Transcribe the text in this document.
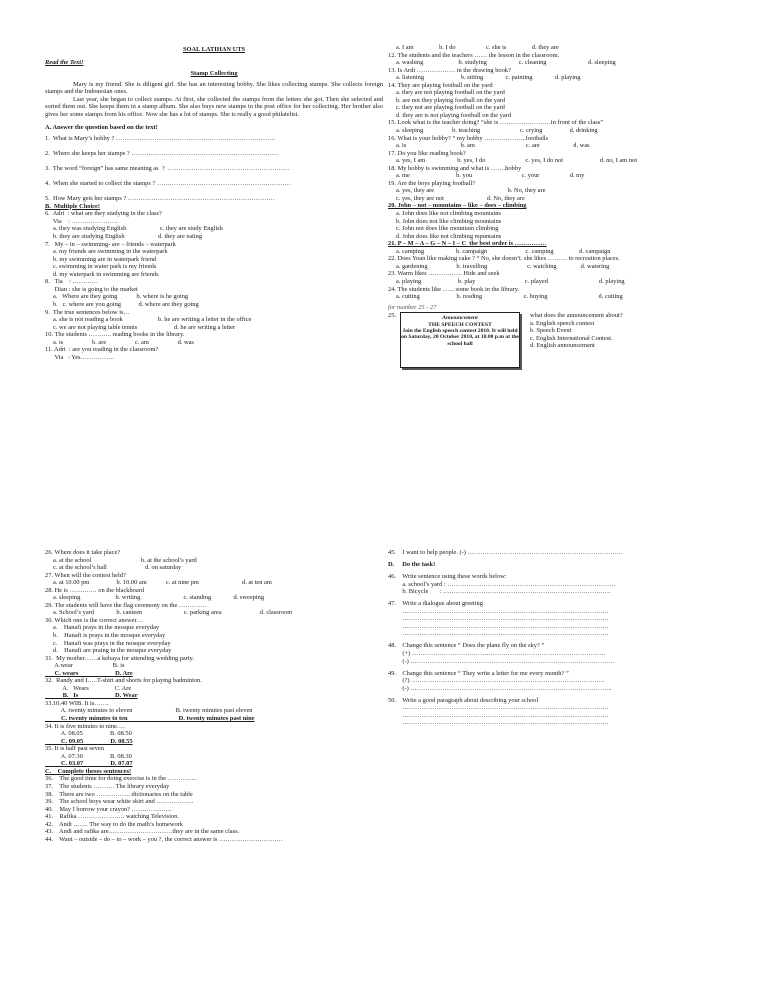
SOAL LATIHAN UTS
Read the Text!
Stamp Collecting

Mary is my friend. She is diligent girl. She has an interesting hobby. She likes collecting stamps. She collects foreign stamps and the Indonesian ones.

Last year, she began to collect stamps. At first, she collected the stamps from the letters she got. Then she selected and sorted them out. She keeps them in a stamp album. She also buys new stamps in the post office for her collecting. Her brother also gives her some stamps from his office. Now she has a lot of stamps. She is really a good philatelist.

A. Answer the question based on the text!
1.  What is Mary’s hobby ? …………………………………………………………………
2.  Where she keeps her stamps ? ……………………………………………………………
3.  The word “foreign” has same meaning as  ?  …………………………………………………
4.  When she started to collect the stamps ? ………………………………………………………
5.  How Mary gets her stamps ? ……………………………………………………………
B.  Multiple Choice!
6.  Adri  : what are they studying in the class?
Via    : ………………….
a. they was studying English                     c. they are study English
b. they are studying English                     d. they are eating
7.   My – in – swimming- are – friends – waterpark
a. my friends are swimming in the waterpark
b. my swimming are in waterpark friend
c. swimming in water park is my friends
d. my waterpark in swimming are friends
8.   Tia    : …………
Dian : she is going to the market
a.   Where are they going            b. where is he going
b.   c. where are you going           d. where are they going
9.  The true sentences below is…
a. she is not reading a book                      b. he are writing a letter in the office
c. we are not playing table tennis                       d. he are writing a letter
10. The students ……….. reading books in the library.
a. is                  b. are                  c. am                  d. was
11. Adri  : are you reading in the classroom?
Via   : Yes…………….
a. I am                b. I do                   c. she is                d. they are
12. The students and the teachers …… the lesson in the classroom.
a. washing                      b. studying                    c. cleaning                          d. sleeping
13. Is Ardi ……………… in the drawing book?
a. listening                       b. sitting              c. painting              d. playing
14. They are playing football on the yard
a. they are not playing football on the yard
b. are not they playing football on the yard
c. they not are playing football on the yard
d. they are is not playing football on the yard
15. Look what is the teacher doing? “she is ……………………in front of the class”
a. sleeping                  b. teaching                         c. crying                 d. drinking
16. What is your hobby? “ my hobby ………………..footballs
a. is                                  b. am                                c. are                     d. was
17. Do you like reading book?
a. yes, I am                    b. yes, I do                         c. yes, I do not                       d. no, I am not
18. My hobby is swimming and what is …….hobby
a. me                             b. you                               c. your                   d. my
19. Are the boys playing football?
a. yes, they are                                              b. No, they are
c. yes, they are not                           d. No, they are
20. John – not – mountains – like – does – climbing
a. John does like not climbing mountains
b. John does not like climbing mountains
c. John not does like mountain climbing
d. John does like not climbing mpuntains
21. P – M – A – G – N – I – C  the best order is ……………
a. camping                    b. campaign                        c. camping                d. campaign
22. Does Yoan like making cake ? “ No, she doesn’t. she likes ……… to recreation places.
a. gardening                  b. travelling                         c. watching               d. watering
23. Warm likes ……………. Hide and seek
a. playing                       b. play                               c. played                                d. playing
24. The students like …... some book in the library.
a. cutting                       b. reading                          c. buying                                d. cutting
for number 25 - 27
25.	Announcement
THE SPEECH CONTEST
Join the English speech contest 2010. It will held on Saturday, 20 October 2010, at 10.00 p.m at the school hall
what does the announcement about?
a. English speech contest
b. Speech Event
c. English International Contest.
d. English announcement
26. Where does it take place?
a. at the school                               b. at the school’s yard
c. at the school’s hall                        d. on saturday
27. When will the contest held?
a. at 10.00 pm                 b. 10.00 am            c. at nine pm                           d. at ten am
28. He is …………. on the blackboard
a. sleeping                      b. writing                           c. standing              d. sweeping
29. The students will have the flag ceremony on the ………….
a. School’s yard              b. canteen                          c. parking area                        d. classroom
30. Which one is the correct answer…
a.    Hanafi prays in the mosque everyday
b.    Hanafi is prays in the mosque everyday
c.    Hanafi was prays in the mosque everyday
d.    Hanafi are praing in the mosque everyday
31.  My mother……a kebaya for attending wedding party.
A.wear                         B. is
C. wears                       D. Are
32.  Randy and I…..T-shirt and shorts for playing badminton.
A.   Wears                C. Are
B.   Is                       D. Wear
33.10.40 WIB. It is…….
A. twenty minutes to eleven                           B. twenty minutes past eleven
C. twenty minutes to ten                                D. twenty minutes past nine
34. It is five minutes to nine….
A. 08.05                 B. 08.50
C. 09.05                 D. 08.55
35. It is half past seven
A. 07.30                 B. 08.30
C. 03.07                 D. 07.07
C.    Complete theses sentences!
36.    The good time for doing exercise is in the …………..
37.    The students ………. The library everyday
38.    There are two ……………. dictionaries on the table
39.    The school boys wear white skirt and ……………...
40.    May I borrow your crayon? ……………….
41.    Rafika …………………. watching Television.
42.    Andi ……. The way to do the math’s homework
43.    Andi and rafika are…………………………they are in the same class.
44.    Want – outside – do – to – work – you ?, the correct answer is …………………………
45.    I want to help people. (-) ……………………………………………………………….
D.     Do the task!
46.    Write sentence using these words below:
a. school’s yard : …………………………………………………………………….
b. Bicycle       : …………………………………………………………………….
47.    Write a dialogue about greeting
…………………………………………………………………………………….
…………………………………………………………………………………….
…………………………………………………………………………………….
…………………………………………………………………………………….
48.    Change this sentence “ Does the plane fly on the sky? ”
(+) ……………………………………………………………………………….
(-) ……………………………………………………………………………………
49.    Change this sentence “ They write a letter for me every month? ”
(?) ……………………………………………………………………………….
(-) …………………………………………………………………………………..
50.    Write a good paragraph about describing your school
…………………………………………………………………………………….
…………………………………………………………………………………….
…………………………………………………………………………………….
